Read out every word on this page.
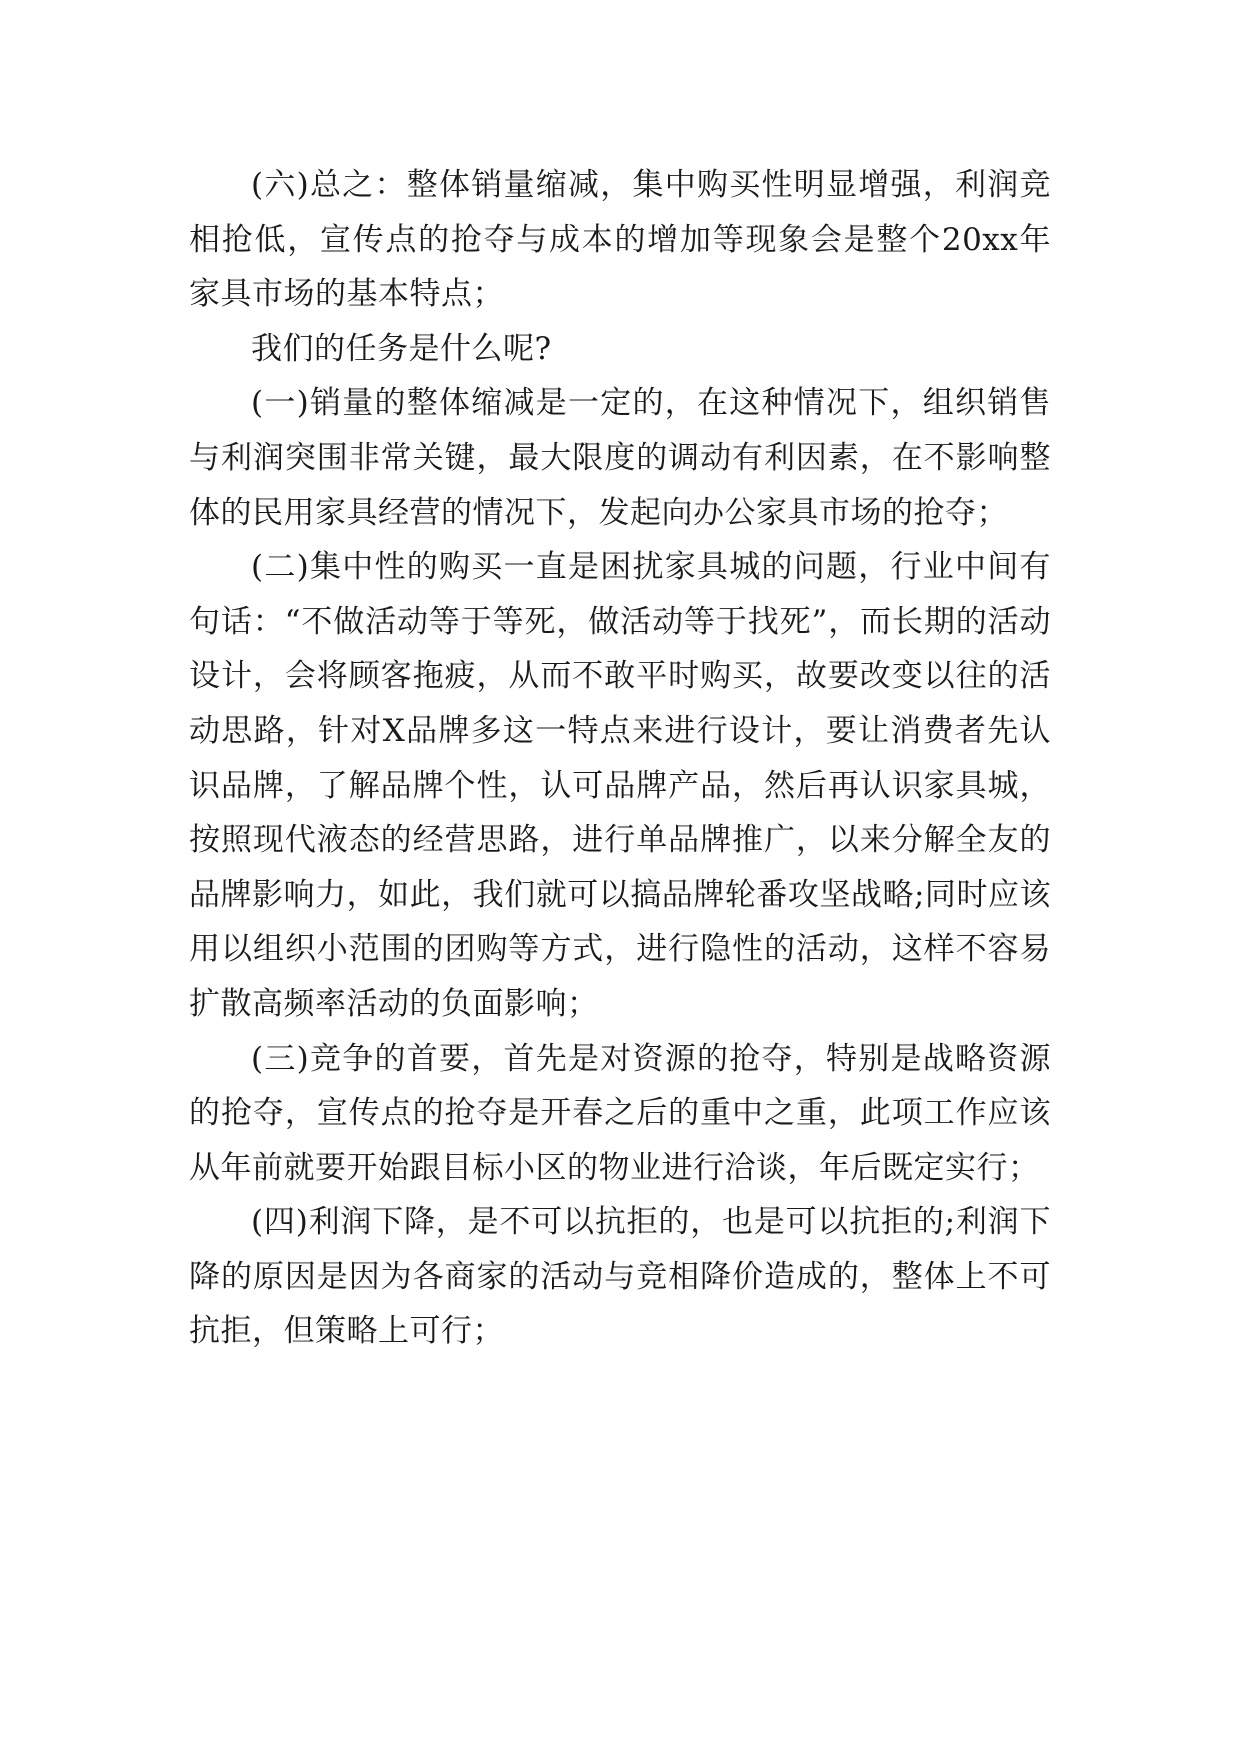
(六)总之：整体销量缩减，集中购买性明显增强，利润竞相抢低，宣传点的抢夺与成本的增加等现象会是整个20xx年家具市场的基本特点；

我们的任务是什么呢?

(一)销量的整体缩减是一定的，在这种情况下，组织销售与利润突围非常关键，最大限度的调动有利因素，在不影响整体的民用家具经营的情况下，发起向办公家具市场的抢夺；

(二)集中性的购买一直是困扰家具城的问题，行业中间有句话：“不做活动等于等死，做活动等于找死”，而长期的活动设计，会将顾客拖疲，从而不敢平时购买，故要改变以往的活动思路，针对X品牌多这一特点来进行设计，要让消费者先认识品牌，了解品牌个性，认可品牌产品，然后再认识家具城，按照现代液态的经营思路，进行单品牌推广，以来分解全友的品牌影响力，如此，我们就可以搞品牌轮番攻坚战略;同时应该用以组织小范围的团购等方式，进行隐性的活动，这样不容易扩散高频率活动的负面影响；

(三)竞争的首要，首先是对资源的抢夺，特别是战略资源的抢夺，宣传点的抢夺是开春之后的重中之重，此项工作应该从年前就要开始跟目标小区的物业进行洽谈，年后既定实行；

(四)利润下降，是不可以抗拒的，也是可以抗拒的;利润下降的原因是因为各商家的活动与竞相降价造成的，整体上不可抗拒，但策略上可行；
